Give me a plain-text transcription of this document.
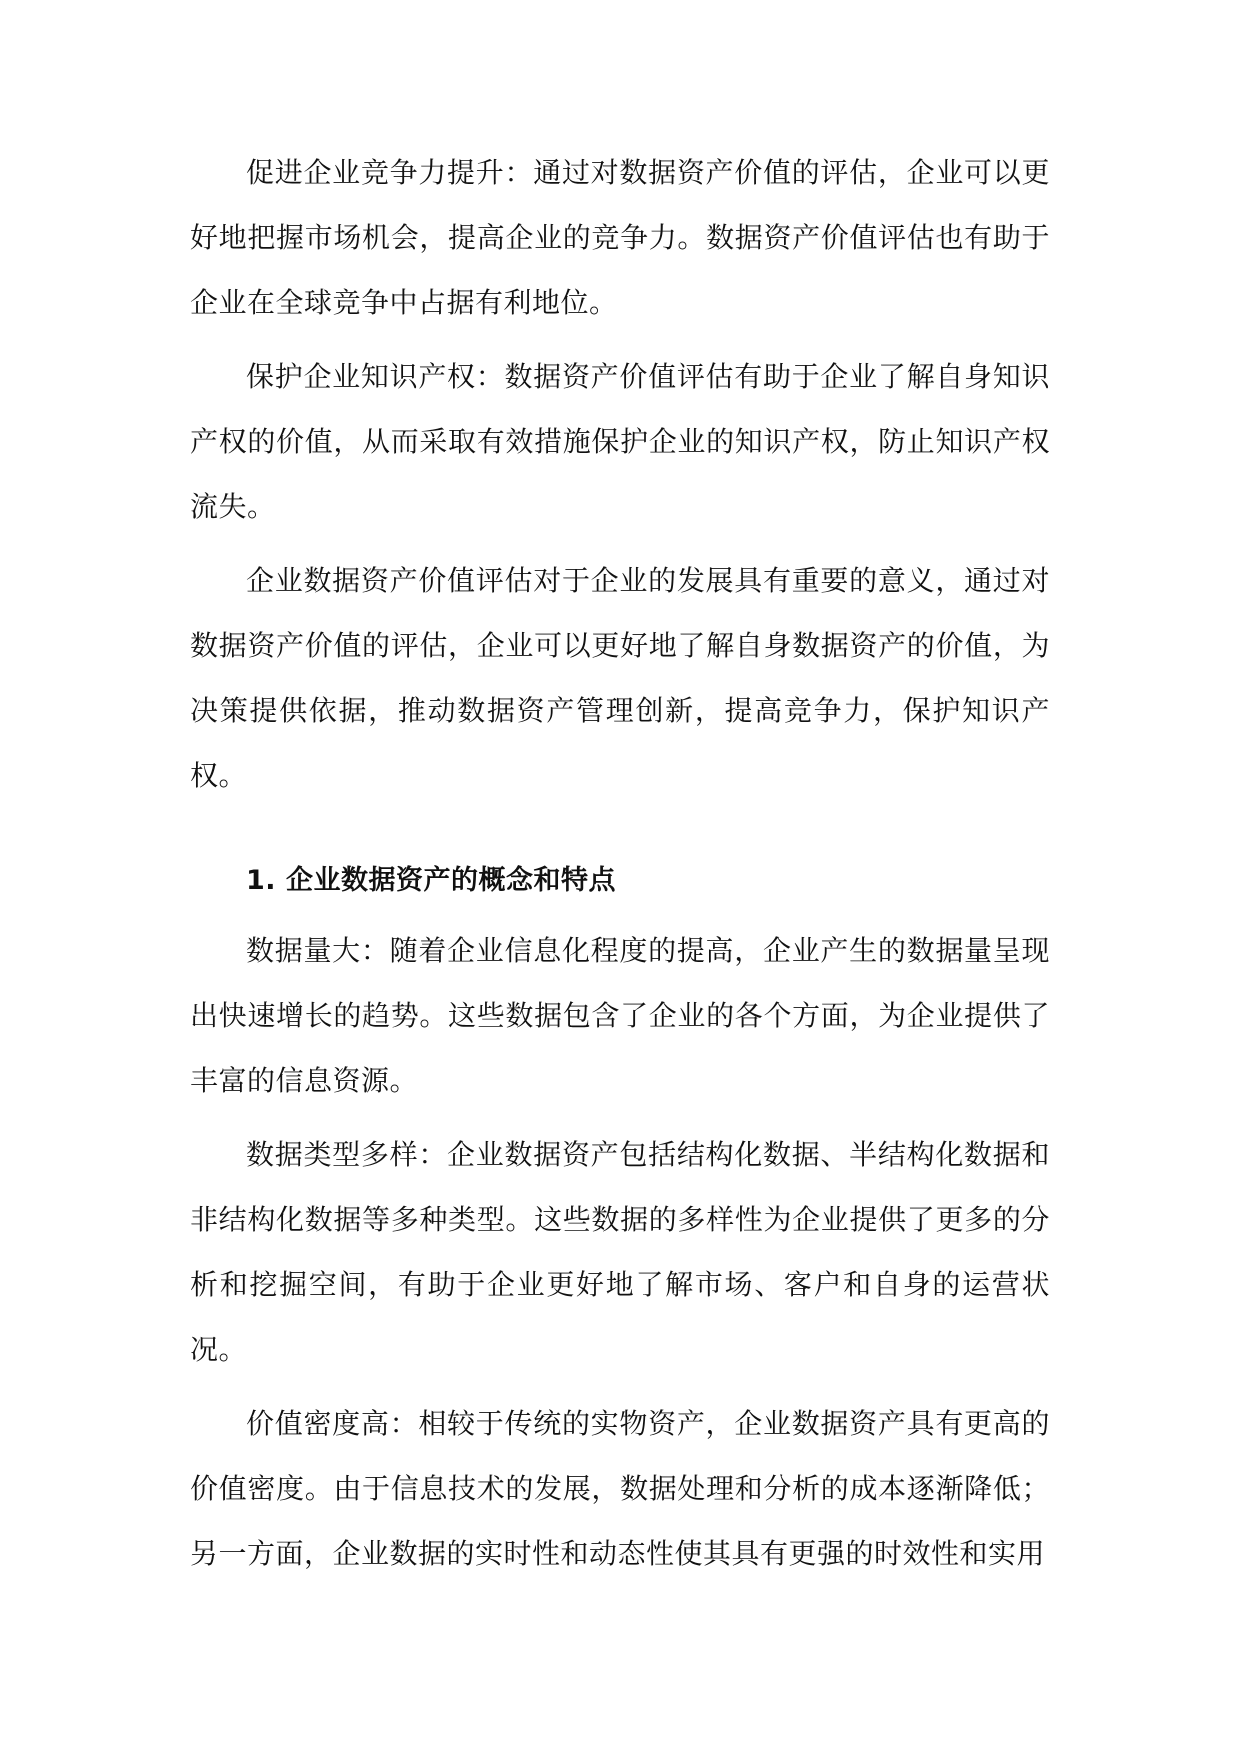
促进企业竞争力提升：通过对数据资产价值的评估，企业可以更好地把握市场机会，提高企业的竞争力。数据资产价值评估也有助于企业在全球竞争中占据有利地位。

保护企业知识产权：数据资产价值评估有助于企业了解自身知识产权的价值，从而采取有效措施保护企业的知识产权，防止知识产权流失。

企业数据资产价值评估对于企业的发展具有重要的意义，通过对数据资产价值的评估，企业可以更好地了解自身数据资产的价值，为决策提供依据，推动数据资产管理创新，提高竞争力，保护知识产权。

1. 企业数据资产的概念和特点

数据量大：随着企业信息化程度的提高，企业产生的数据量呈现出快速增长的趋势。这些数据包含了企业的各个方面，为企业提供了丰富的信息资源。

数据类型多样：企业数据资产包括结构化数据、半结构化数据和非结构化数据等多种类型。这些数据的多样性为企业提供了更多的分析和挖掘空间，有助于企业更好地了解市场、客户和自身的运营状况。

价值密度高：相较于传统的实物资产，企业数据资产具有更高的价值密度。由于信息技术的发展，数据处理和分析的成本逐渐降低；另一方面，企业数据的实时性和动态性使其具有更强的时效性和实用
